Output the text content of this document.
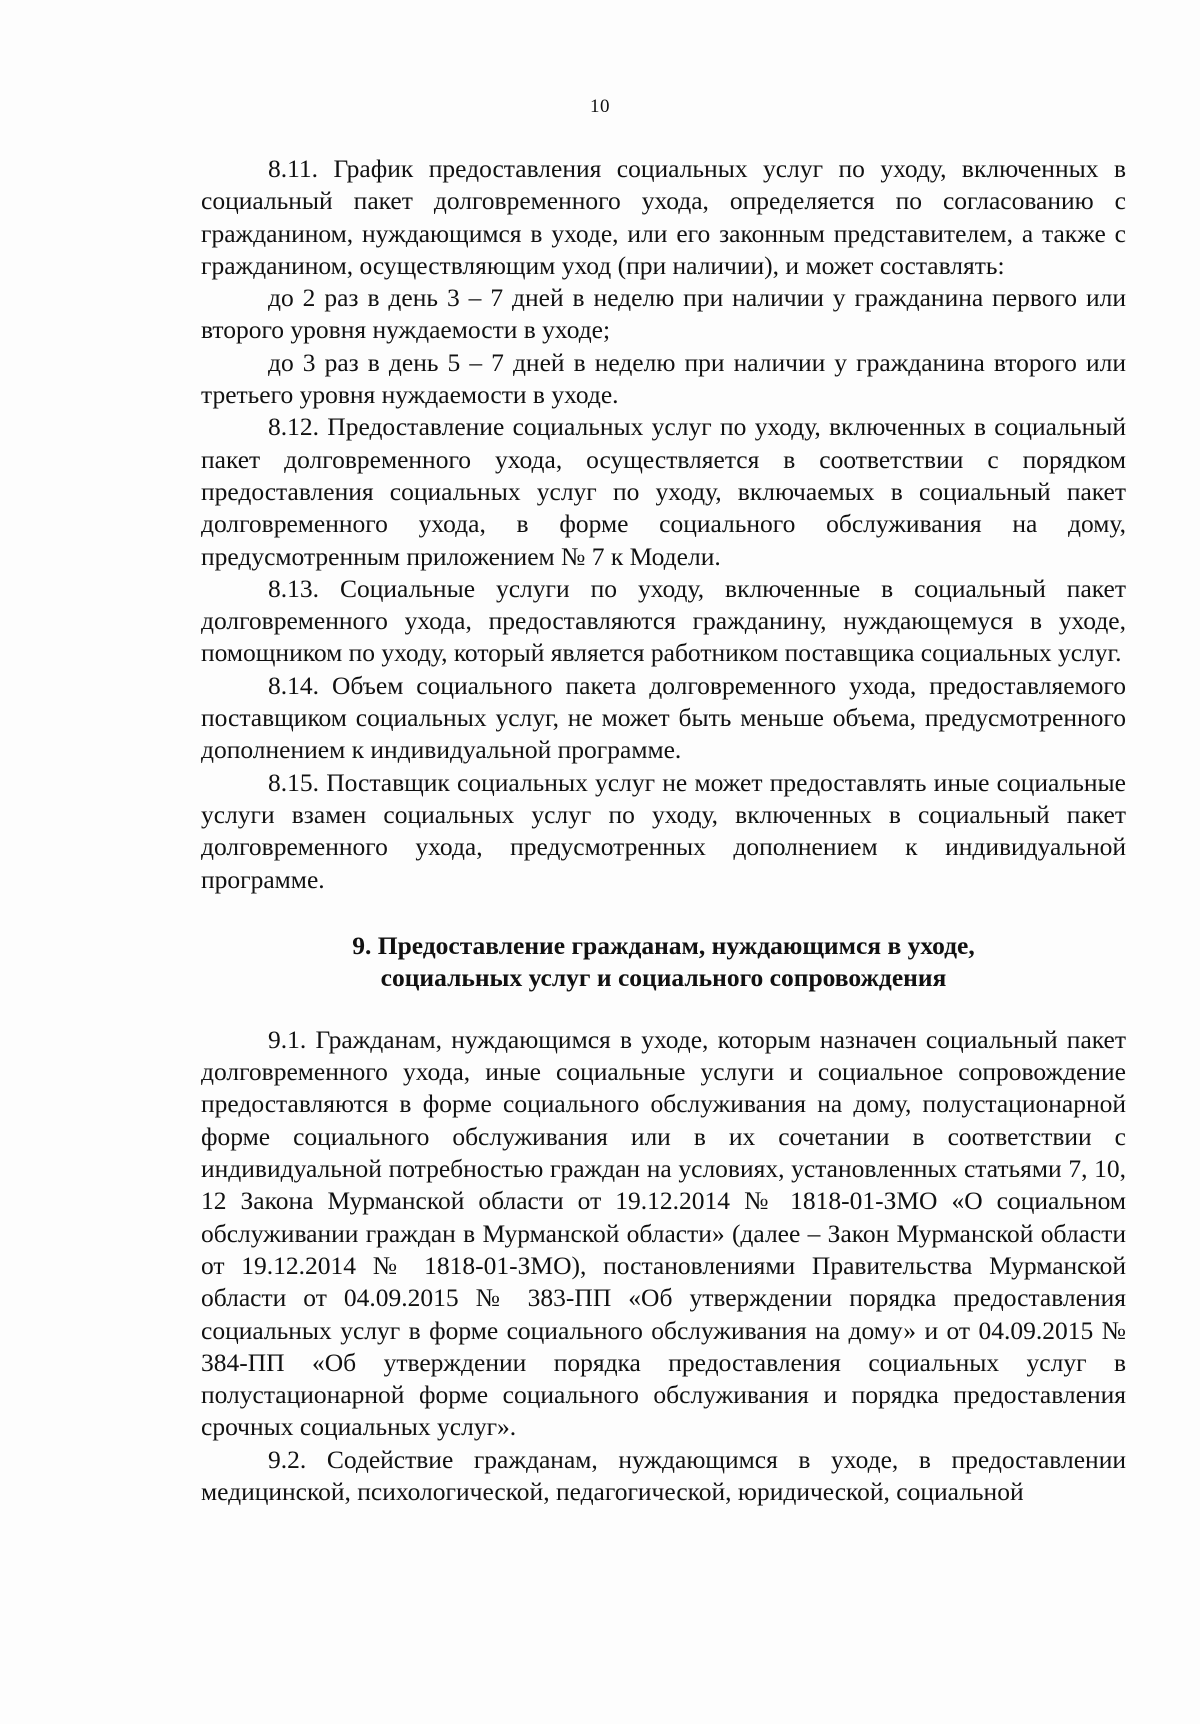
10

8.11. График предоставления социальных услуг по уходу, включенных в социальный пакет долговременного ухода, определяется по согласованию с гражданином, нуждающимся в уходе, или его законным представителем, а также с гражданином, осуществляющим уход (при наличии), и может составлять:

до 2 раз в день 3 – 7 дней в неделю при наличии у гражданина первого или второго уровня нуждаемости в уходе;

до 3 раз в день 5 – 7 дней в неделю при наличии у гражданина второго или третьего уровня нуждаемости в уходе.

8.12. Предоставление социальных услуг по уходу, включенных в социальный пакет долговременного ухода, осуществляется в соответствии с порядком предоставления социальных услуг по уходу, включаемых в социальный пакет долговременного ухода, в форме социального обслуживания на дому, предусмотренным приложением № 7 к Модели.

8.13. Социальные услуги по уходу, включенные в социальный пакет долговременного ухода, предоставляются гражданину, нуждающемуся в уходе, помощником по уходу, который является работником поставщика социальных услуг.

8.14. Объем социального пакета долговременного ухода, предоставляемого поставщиком социальных услуг, не может быть меньше объема, предусмотренного дополнением к индивидуальной программе.

8.15. Поставщик социальных услуг не может предоставлять иные социальные услуги взамен социальных услуг по уходу, включенных в социальный пакет долговременного ухода, предусмотренных дополнением к индивидуальной программе.

9. Предоставление гражданам, нуждающимся в уходе,
социальных услуг и социального сопровождения

9.1. Гражданам, нуждающимся в уходе, которым назначен социальный пакет долговременного ухода, иные социальные услуги и социальное сопровождение предоставляются в форме социального обслуживания на дому, полустационарной форме социального обслуживания или в их сочетании в соответствии с индивидуальной потребностью граждан на условиях, установленных статьями 7, 10, 12 Закона Мурманской области от 19.12.2014 № 1818-01-ЗМО «О социальном обслуживании граждан в Мурманской области» (далее – Закон Мурманской области от 19.12.2014 № 1818-01-ЗМО), постановлениями Правительства Мурманской области от 04.09.2015 № 383-ПП «Об утверждении порядка предоставления социальных услуг в форме социального обслуживания на дому» и от 04.09.2015 № 384-ПП «Об утверждении порядка предоставления социальных услуг в полустационарной форме социального обслуживания и порядка предоставления срочных социальных услуг».

9.2. Содействие гражданам, нуждающимся в уходе, в предоставлении медицинской, психологической, педагогической, юридической, социальной
